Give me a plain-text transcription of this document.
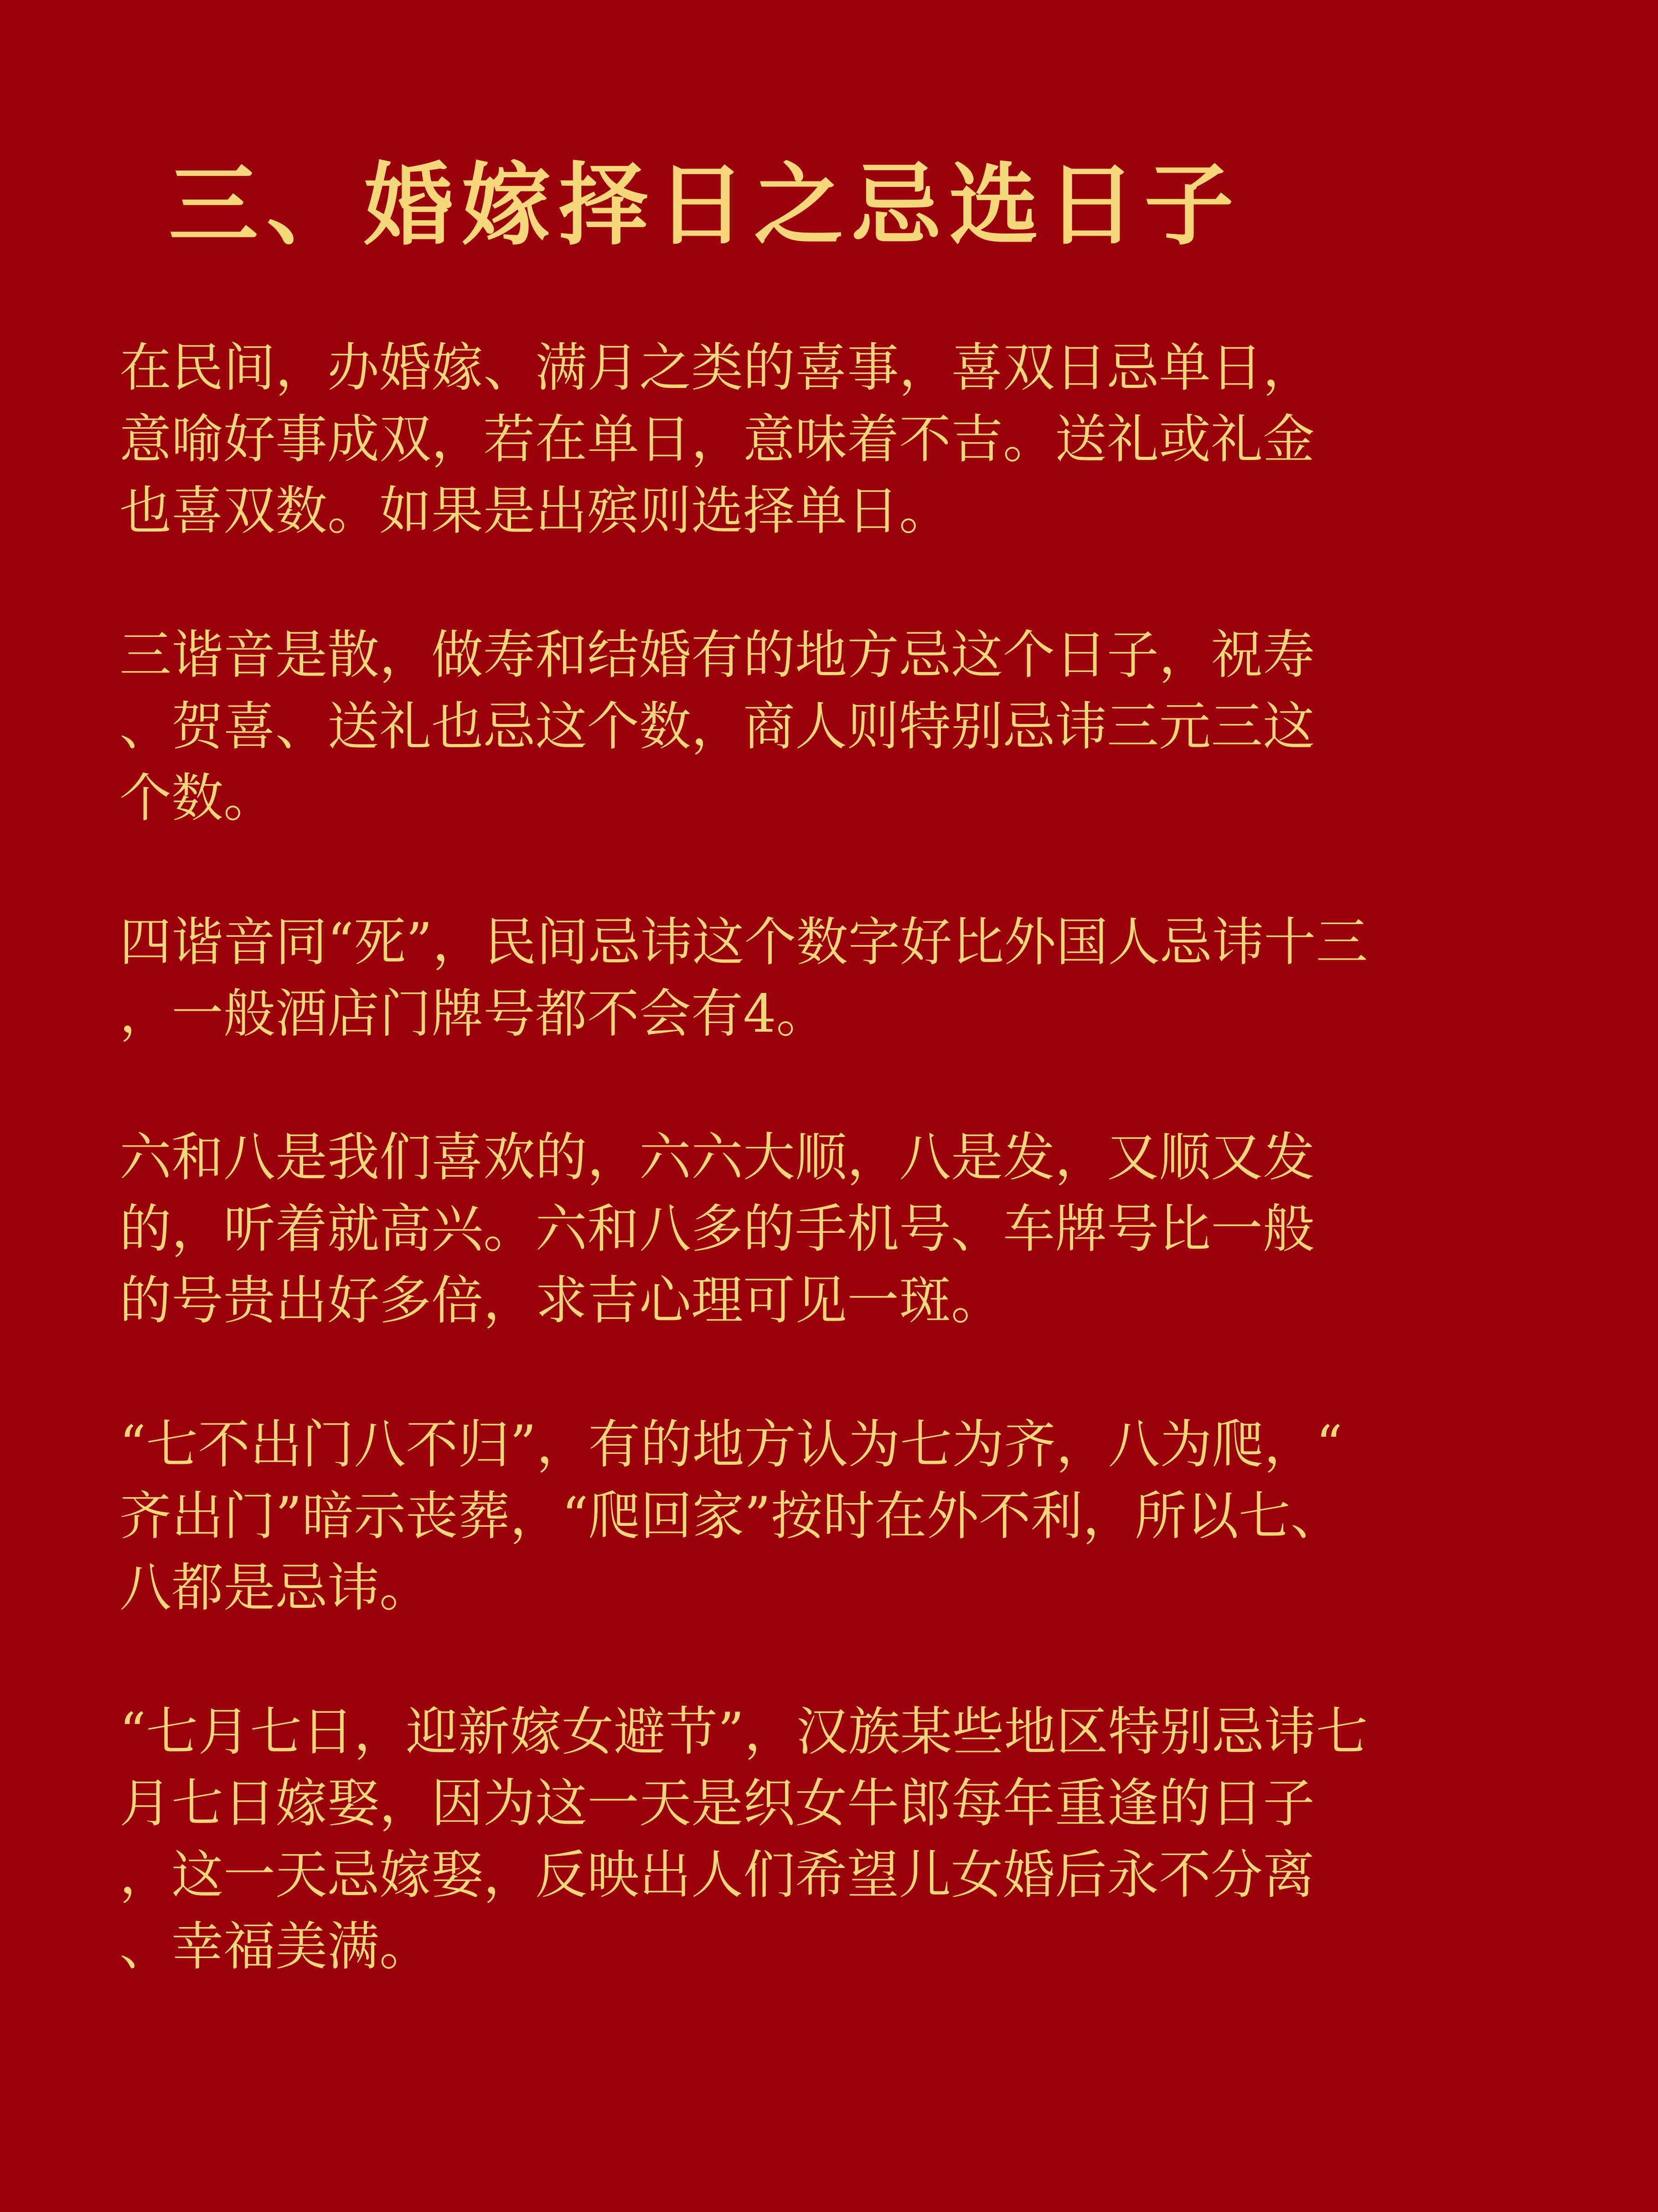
三、婚嫁择日之忌选日子

在民间，办婚嫁、满月之类的喜事，喜双日忌单日，
意喻好事成双，若在单日，意味着不吉。送礼或礼金
也喜双数。如果是出殡则选择单日。

三谐音是散，做寿和结婚有的地方忌这个日子，祝寿
、贺喜、送礼也忌这个数，商人则特别忌讳三元三这
个数。

四谐音同“死”，民间忌讳这个数字好比外国人忌讳十三
，一般酒店门牌号都不会有4。

六和八是我们喜欢的，六六大顺，八是发，又顺又发
的，听着就高兴。六和八多的手机号、车牌号比一般
的号贵出好多倍，求吉心理可见一斑。

“七不出门八不归”，有的地方认为七为齐，八为爬，“
齐出门”暗示丧葬，“爬回家”按时在外不利，所以七、
八都是忌讳。

“七月七日，迎新嫁女避节”，汉族某些地区特别忌讳七
月七日嫁娶，因为这一天是织女牛郎每年重逢的日子
，这一天忌嫁娶，反映出人们希望儿女婚后永不分离
、幸福美满。
